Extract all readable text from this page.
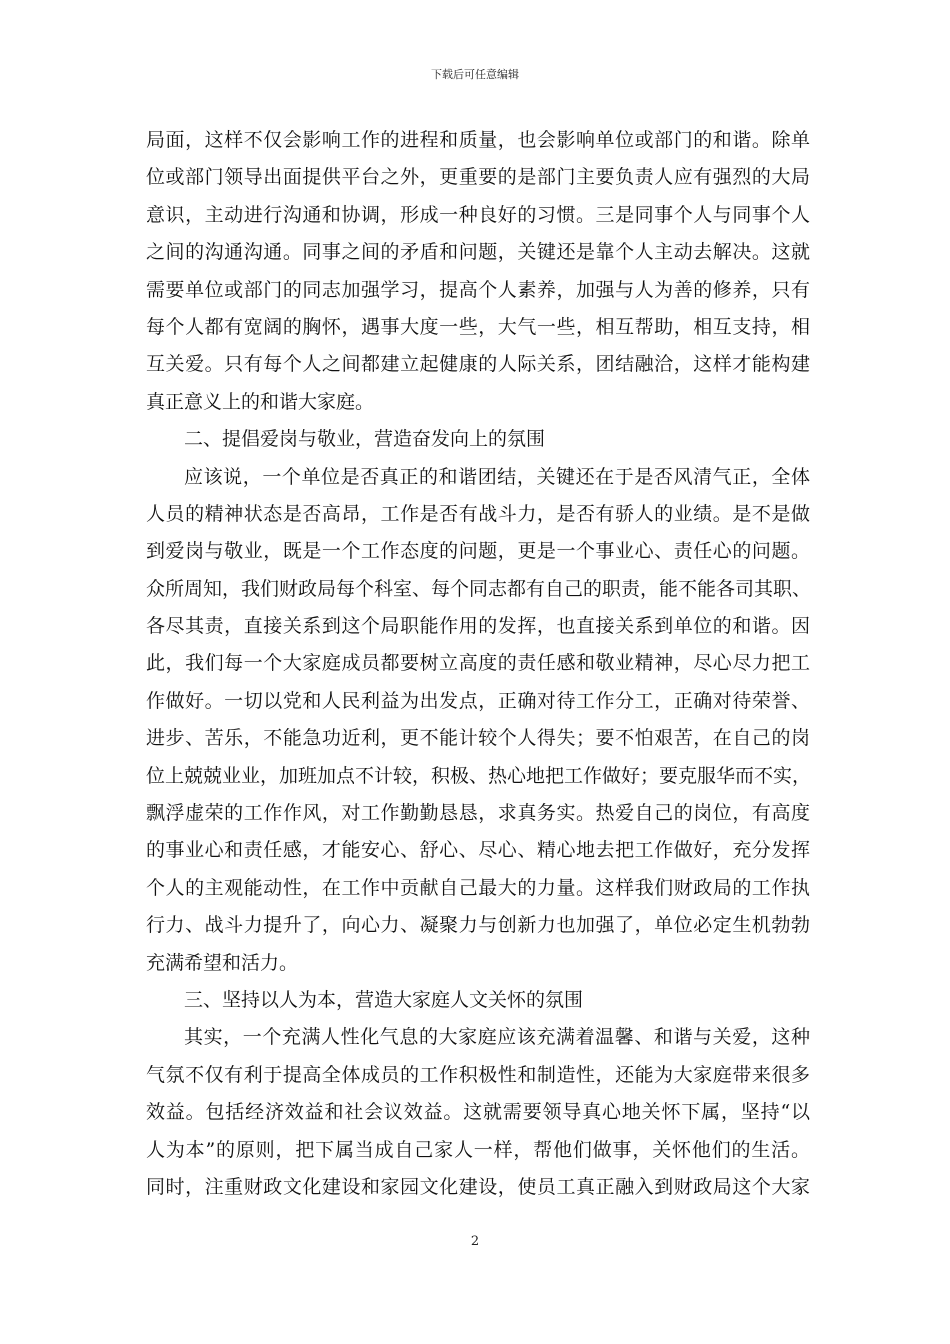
下载后可任意编辑
局面，这样不仅会影响工作的进程和质量，也会影响单位或部门的和谐。除单
位或部门领导出面提供平台之外，更重要的是部门主要负责人应有强烈的大局
意识，主动进行沟通和协调，形成一种良好的习惯。三是同事个人与同事个人
之间的沟通沟通。同事之间的矛盾和问题，关键还是靠个人主动去解决。这就
需要单位或部门的同志加强学习，提高个人素养，加强与人为善的修养，只有
每个人都有宽阔的胸怀，遇事大度一些，大气一些，相互帮助，相互支持，相
互关爱。只有每个人之间都建立起健康的人际关系，团结融洽，这样才能构建
真正意义上的和谐大家庭。
二、提倡爱岗与敬业，营造奋发向上的氛围
应该说，一个单位是否真正的和谐团结，关键还在于是否风清气正，全体
人员的精神状态是否高昂，工作是否有战斗力，是否有骄人的业绩。是不是做
到爱岗与敬业，既是一个工作态度的问题，更是一个事业心、责任心的问题。
众所周知，我们财政局每个科室、每个同志都有自己的职责，能不能各司其职、
各尽其责，直接关系到这个局职能作用的发挥，也直接关系到单位的和谐。因
此，我们每一个大家庭成员都要树立高度的责任感和敬业精神，尽心尽力把工
作做好。一切以党和人民利益为出发点，正确对待工作分工，正确对待荣誉、
进步、苦乐，不能急功近利，更不能计较个人得失；要不怕艰苦，在自己的岗
位上兢兢业业，加班加点不计较，积极、热心地把工作做好；要克服华而不实，
飘浮虚荣的工作作风，对工作勤勤恳恳，求真务实。热爱自己的岗位，有高度
的事业心和责任感，才能安心、舒心、尽心、精心地去把工作做好，充分发挥
个人的主观能动性，在工作中贡献自己最大的力量。这样我们财政局的工作执
行力、战斗力提升了，向心力、凝聚力与创新力也加强了，单位必定生机勃勃
充满希望和活力。
三、坚持以人为本，营造大家庭人文关怀的氛围
其实，一个充满人性化气息的大家庭应该充满着温馨、和谐与关爱，这种
气氛不仅有利于提高全体成员的工作积极性和制造性，还能为大家庭带来很多
效益。包括经济效益和社会议效益。这就需要领导真心地关怀下属，坚持“以
人为本”的原则，把下属当成自己家人一样，帮他们做事，关怀他们的生活。
同时，注重财政文化建设和家园文化建设，使员工真正融入到财政局这个大家
2
